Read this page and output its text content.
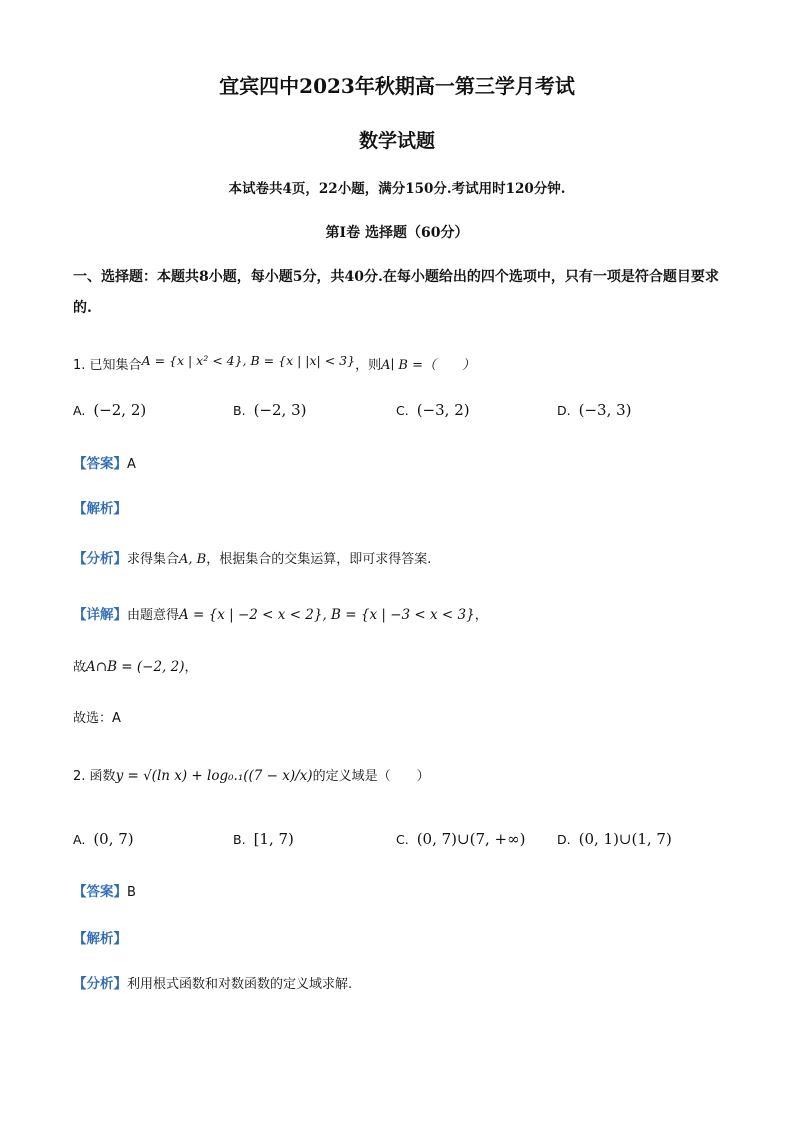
宜宾四中2023年秋期高一第三学月考试
数学试题
本试卷共4页，22小题，满分150分.考试用时120分钟.
第I卷 选择题（60分）
一、选择题：本题共8小题，每小题5分，共40分.在每小题给出的四个选项中，只有一项是符合题目要求的.
1. 已知集合A = {x | x² < 4}, B = {x | |x| < 3}，则A∣ B =（　　）
A. (−2, 2)	B. (−2, 3)	C. (−3, 2)	D. (−3, 3)
【答案】A
【解析】
【分析】求得集合A, B，根据集合的交集运算，即可求得答案.
【详解】由题意得A = {x | −2 < x < 2}, B = {x | −3 < x < 3}，
故A∩B = (−2, 2)，
故选：A
2. 函数y = √(ln x) + log₀.₁((7 − x)/x)的定义域是（　　）
A. (0, 7)	B. [1, 7)	C. (0, 7)∪(7, +∞)	D. (0, 1)∪(1, 7)
【答案】B
【解析】
【分析】利用根式函数和对数函数的定义域求解.
